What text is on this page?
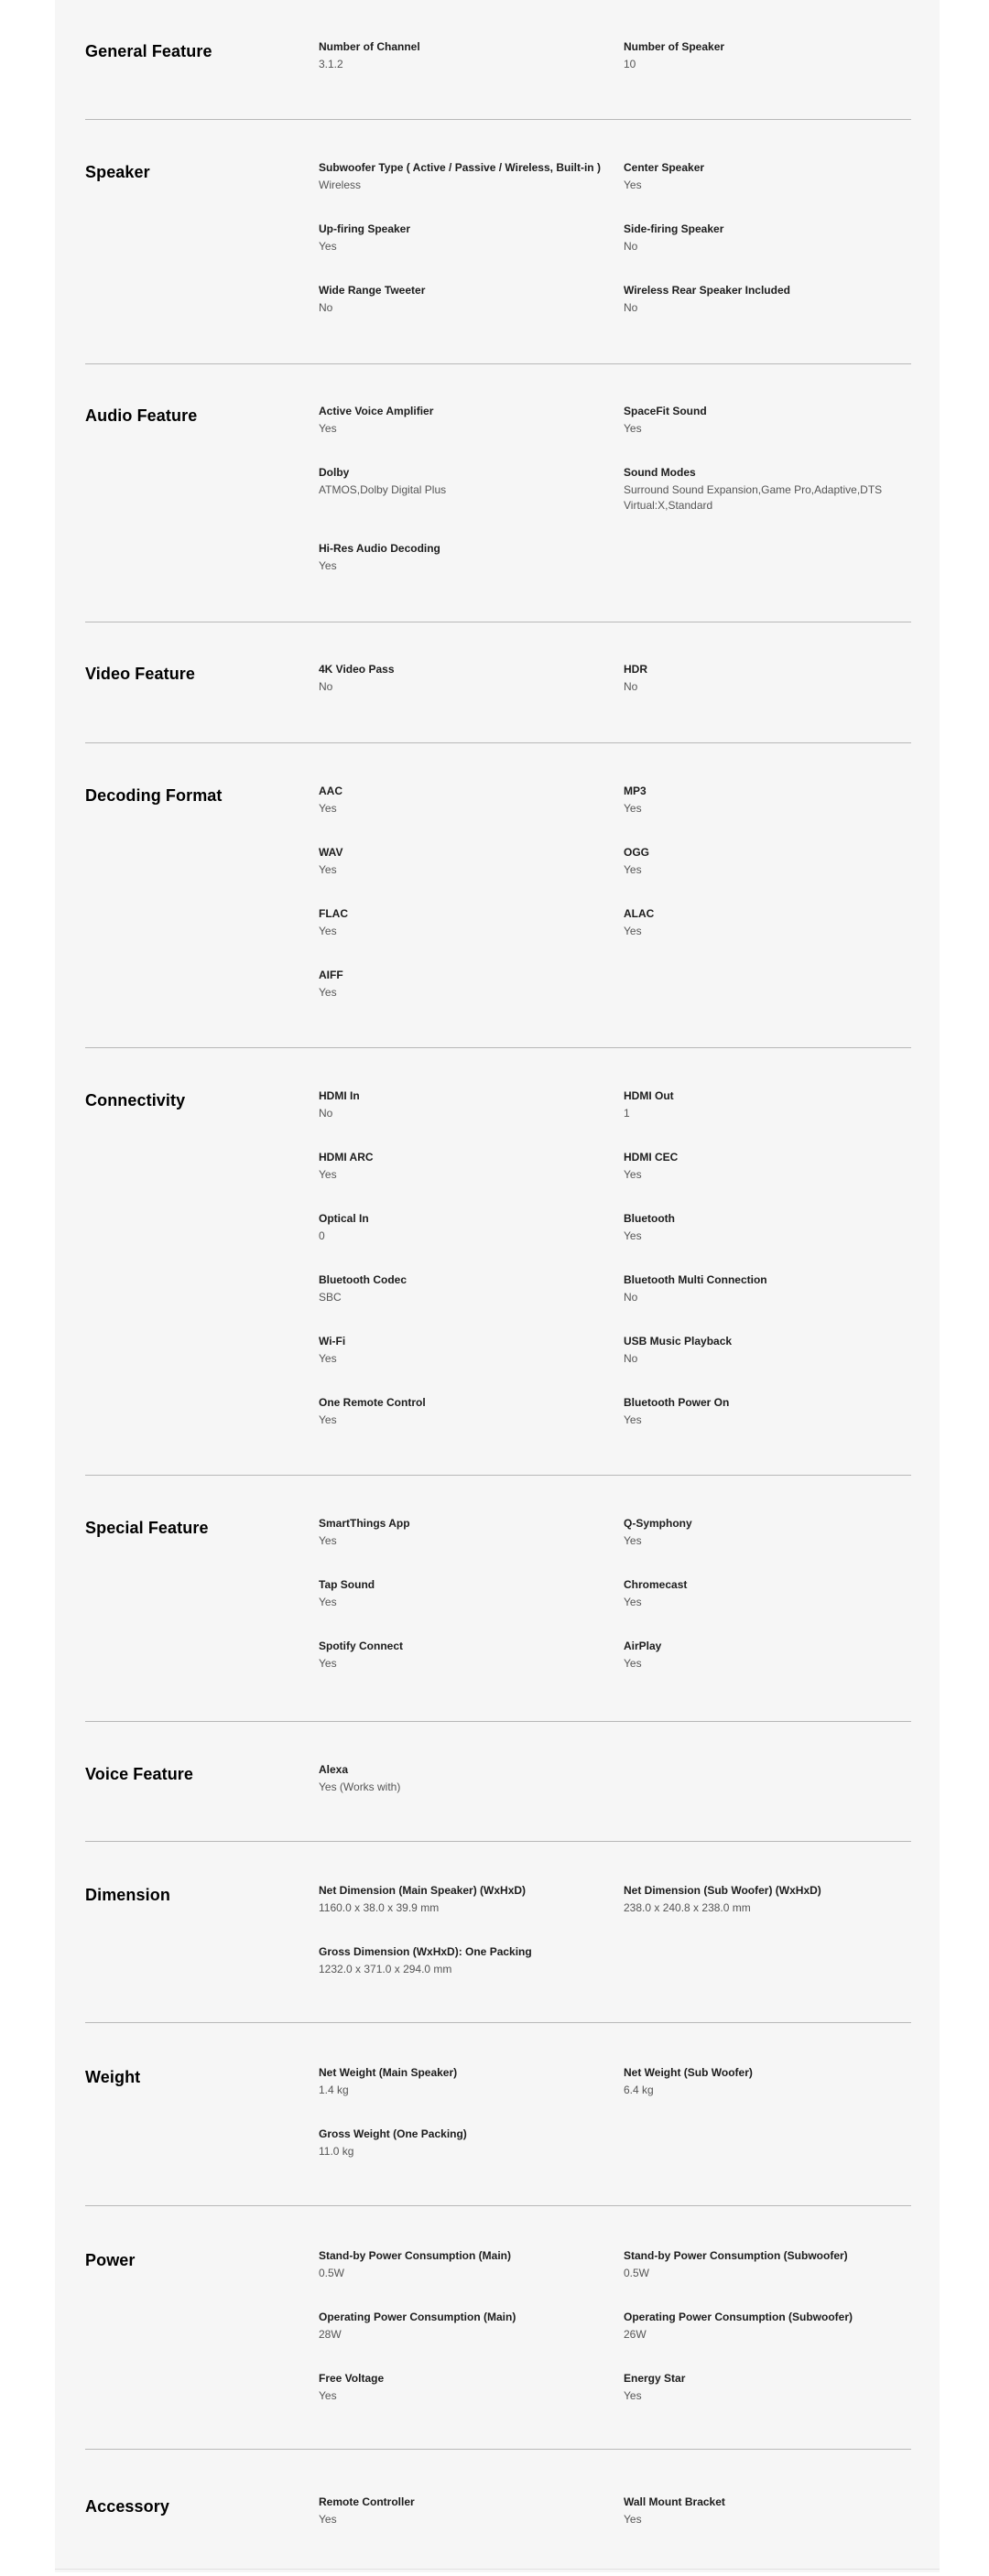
General Feature	Number of Channel
3.1.2
Number of Speaker
10
Speaker	Subwoofer Type ( Active / Passive / Wireless, Built-in )
Wireless
Center Speaker
Yes
Up-firing Speaker
Yes
Side-firing Speaker
No
Wide Range Tweeter
No
Wireless Rear Speaker Included
No
Audio Feature	Active Voice Amplifier
Yes
SpaceFit Sound
Yes
Dolby
ATMOS,Dolby Digital Plus
Sound Modes
Surround Sound Expansion,Game Pro,Adaptive,DTS Virtual:X,Standard
Hi-Res Audio Decoding
Yes
Video Feature	4K Video Pass
No
HDR
No
Decoding Format	AAC
Yes
MP3
Yes
WAV
Yes
OGG
Yes
FLAC
Yes
ALAC
Yes
AIFF
Yes
Connectivity	HDMI In
No
HDMI Out
1
HDMI ARC
Yes
HDMI CEC
Yes
Optical In
0
Bluetooth
Yes
Bluetooth Codec
SBC
Bluetooth Multi Connection
No
Wi-Fi
Yes
USB Music Playback
No
One Remote Control
Yes
Bluetooth Power On
Yes
Special Feature	SmartThings App
Yes
Q-Symphony
Yes
Tap Sound
Yes
Chromecast
Yes
Spotify Connect
Yes
AirPlay
Yes
Voice Feature	Alexa
Yes (Works with)
Dimension	Net Dimension (Main Speaker) (WxHxD)
1160.0 x 38.0 x 39.9 mm
Net Dimension (Sub Woofer) (WxHxD)
238.0 x 240.8 x 238.0 mm
Gross Dimension (WxHxD): One Packing
1232.0 x 371.0 x 294.0 mm
Weight	Net Weight (Main Speaker)
1.4 kg
Net Weight (Sub Woofer)
6.4 kg
Gross Weight (One Packing)
11.0 kg
Power	Stand-by Power Consumption (Main)
0.5W
Stand-by Power Consumption (Subwoofer)
0.5W
Operating Power Consumption (Main)
28W
Operating Power Consumption (Subwoofer)
26W
Free Voltage
Yes
Energy Star
Yes
Accessory	Remote Controller
Yes
Wall Mount Bracket
Yes
